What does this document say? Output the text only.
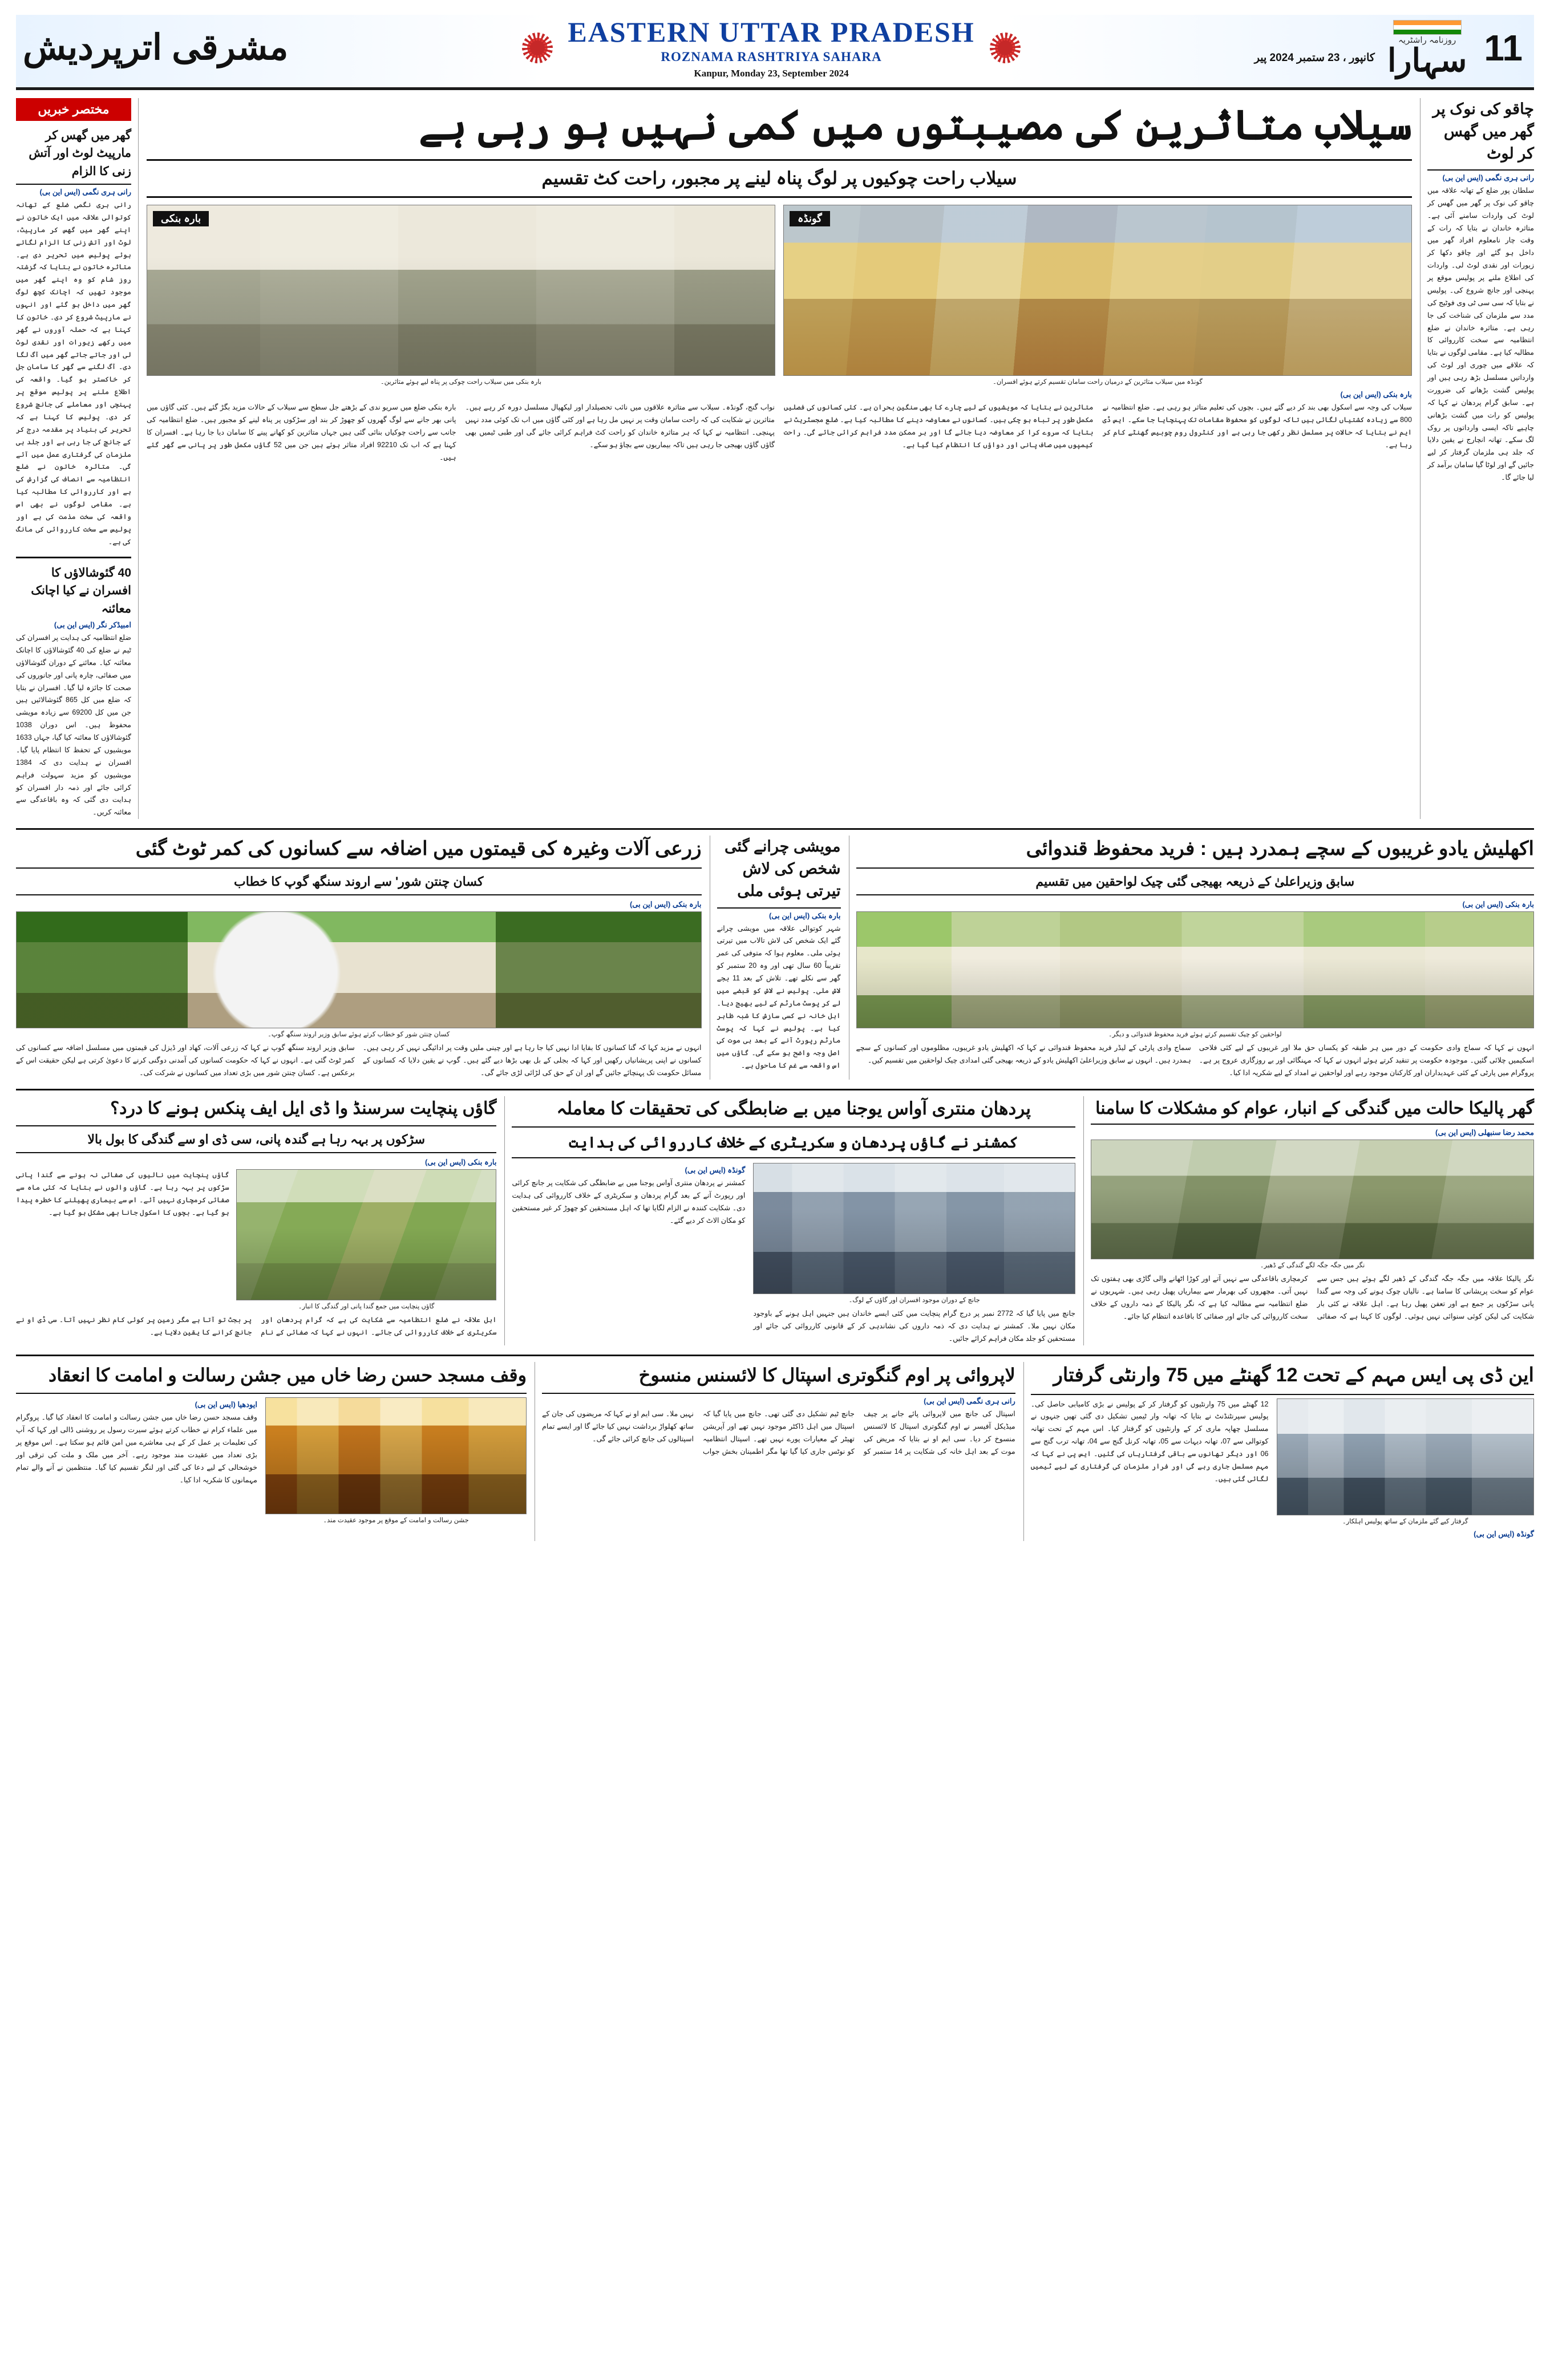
11
روزنامہ راشٹریہ
سہارا
کانپور ، 23 ستمبر 2024 پیر
EASTERN UTTAR PRADESH
ROZNAMA RASHTRIYA SAHARA
Kanpur, Monday 23, September 2024
مشرقی اترپردیش
چاقو کی نوک پر گھر میں گھس کر لوٹ
رانی ہری نگمی (ایس این بی)
سلطان پور ضلع کے تھانہ علاقہ میں چاقو کی نوک پر گھر میں گھس کر لوٹ کی واردات سامنے آئی ہے۔ متاثرہ خاندان نے بتایا کہ رات کے وقت چار نامعلوم افراد گھر میں داخل ہو گئے اور چاقو دکھا کر زیورات اور نقدی لوٹ لی۔ واردات کی اطلاع ملنے پر پولیس موقع پر پہنچی اور جانچ شروع کی۔ پولیس نے بتایا کہ سی سی ٹی وی فوٹیج کی مدد سے ملزمان کی شناخت کی جا رہی ہے۔ متاثرہ خاندان نے ضلع انتظامیہ سے سخت کارروائی کا مطالبہ کیا ہے۔ مقامی لوگوں نے بتایا کہ علاقے میں چوری اور لوٹ کی وارداتیں مسلسل بڑھ رہی ہیں اور پولیس گشت بڑھانے کی ضرورت ہے۔ سابق گرام پردھان نے کہا کہ پولیس کو رات میں گشت بڑھانی چاہیے تاکہ ایسی وارداتوں پر روک لگ سکے۔ تھانہ انچارج نے یقین دلایا کہ جلد ہی ملزمان گرفتار کر لیے جائیں گے اور لوٹا گیا سامان برآمد کر لیا جائے گا۔
سیلاب متاثرین کی مصیبتوں میں کمی نہیں ہو رہی ہے
سیلاب راحت چوکیوں پر لوگ پناہ لینے پر مجبور، راحت کٹ تقسیم
گونڈہ
گونڈہ میں سیلاب متاثرین کے درمیان راحت سامان تقسیم کرتے ہوئے افسران۔
بارہ بنکی
بارہ بنکی میں سیلاب راحت چوکی پر پناہ لیے ہوئے متاثرین۔
بارہ بنکی (ایس این بی)
سیلاب کی وجہ سے اسکول بھی بند کر دیے گئے ہیں۔ بچوں کی تعلیم متاثر ہو رہی ہے۔ ضلع انتظامیہ نے 800 سے زیادہ کشتیاں لگائی ہیں تاکہ لوگوں کو محفوظ مقامات تک پہنچایا جا سکے۔ ایس ڈی ایم نے بتایا کہ حالات پر مسلسل نظر رکھی جا رہی ہے اور کنٹرول روم چوبیس گھنٹے کام کر رہا ہے۔
متاثرین نے بتایا کہ مویشیوں کے لیے چارے کا بھی سنگین بحران ہے۔ کئی کسانوں کی فصلیں مکمل طور پر تباہ ہو چکی ہیں۔ کسانوں نے معاوضہ دینے کا مطالبہ کیا ہے۔ ضلع مجسٹریٹ نے بتایا کہ سروے کرا کر معاوضہ دیا جائے گا اور ہر ممکن مدد فراہم کرائی جائے گی۔ راحت کیمپوں میں صاف پانی اور دواؤں کا انتظام کیا گیا ہے۔
نواب گنج، گونڈہ۔ سیلاب سے متاثرہ علاقوں میں نائب تحصیلدار اور لیکھپال مسلسل دورہ کر رہے ہیں۔ متاثرین نے شکایت کی کہ راحت سامان وقت پر نہیں مل رہا ہے اور کئی گاؤں میں اب تک کوئی مدد نہیں پہنچی۔ انتظامیہ نے کہا کہ ہر متاثرہ خاندان کو راحت کٹ فراہم کرائی جائے گی اور طبی ٹیمیں بھی گاؤں گاؤں بھیجی جا رہی ہیں تاکہ بیماریوں سے بچاؤ ہو سکے۔
بارہ بنکی ضلع میں سریو ندی کے بڑھتے جل سطح سے سیلاب کے حالات مزید بگڑ گئے ہیں۔ کئی گاؤں میں پانی بھر جانے سے لوگ گھروں کو چھوڑ کر بند اور سڑکوں پر پناہ لینے کو مجبور ہیں۔ ضلع انتظامیہ کی جانب سے راحت چوکیاں بنائی گئی ہیں جہاں متاثرین کو کھانے پینے کا سامان دیا جا رہا ہے۔ افسران کا کہنا ہے کہ اب تک 92210 افراد متاثر ہوئے ہیں جن میں 52 گاؤں مکمل طور پر پانی سے گھر گئے ہیں۔
مختصر خبریں
گھر میں گھس کر مارپیٹ لوٹ اور آتش زنی کا الزام
رانی ہری نگمی (ایس این بی)
رانی ہری نگمی ضلع کے تھانہ کوتوالی علاقہ میں ایک خاتون نے اپنے گھر میں گھس کر مارپیٹ، لوٹ اور آتش زنی کا الزام لگاتے ہوئے پولیس میں تحریر دی ہے۔ متاثرہ خاتون نے بتایا کہ گزشتہ روز شام کو وہ اپنے گھر میں موجود تھیں کہ اچانک کچھ لوگ گھر میں داخل ہو گئے اور انہوں نے مارپیٹ شروع کر دی۔ خاتون کا کہنا ہے کہ حملہ آوروں نے گھر میں رکھے زیورات اور نقدی لوٹ لی اور جاتے جاتے گھر میں آگ لگا دی۔ آگ لگنے سے گھر کا سامان جل کر خاکستر ہو گیا۔ واقعہ کی اطلاع ملنے پر پولیس موقع پر پہنچی اور معاملے کی جانچ شروع کر دی۔ پولیس کا کہنا ہے کہ تحریر کی بنیاد پر مقدمہ درج کر کے جانچ کی جا رہی ہے اور جلد ہی ملزمان کی گرفتاری عمل میں آئے گی۔ متاثرہ خاتون نے ضلع انتظامیہ سے انصاف کی گزارش کی ہے اور کارروائی کا مطالبہ کیا ہے۔ مقامی لوگوں نے بھی اس واقعہ کی سخت مذمت کی ہے اور پولیس سے سخت کارروائی کی مانگ کی ہے۔
40 گئوشالاؤں کا افسران نے کیا اچانک معائنہ
امبیڈکر نگر (ایس این بی)
ضلع انتظامیہ کی ہدایت پر افسران کی ٹیم نے ضلع کی 40 گئوشالاؤں کا اچانک معائنہ کیا۔ معائنے کے دوران گئوشالاؤں میں صفائی، چارہ پانی اور جانوروں کی صحت کا جائزہ لیا گیا۔ افسران نے بتایا کہ ضلع میں کل 865 گئوشالائیں ہیں جن میں کل 69200 سے زیادہ مویشی محفوظ ہیں۔ اس دوران 1038 گئوشالاؤں کا معائنہ کیا گیا، جہاں 1633 مویشیوں کے تحفظ کا انتظام پایا گیا۔ افسران نے ہدایت دی کہ 1384 مویشیوں کو مزید سہولت فراہم کرائی جائے اور ذمہ دار افسران کو ہدایت دی گئی کہ وہ باقاعدگی سے معائنہ کریں۔
اکھلیش یادو غریبوں کے سچے ہمدرد ہیں : فرید محفوظ قندوائی
سابق وزیراعلیٰ کے ذریعہ بھیجی گئی چیک لواحقین میں تقسیم
بارہ بنکی (ایس این بی)
لواحقین کو چیک تقسیم کرتے ہوئے فرید محفوظ قندوائی و دیگر۔
انہوں نے کہا کہ سماج وادی حکومت کے دور میں ہر طبقہ کو یکساں حق ملا اور غریبوں کے لیے کئی فلاحی اسکیمیں چلائی گئیں۔ موجودہ حکومت پر تنقید کرتے ہوئے انہوں نے کہا کہ مہنگائی اور بے روزگاری عروج پر ہے۔ پروگرام میں پارٹی کے کئی عہدیداران اور کارکنان موجود رہے اور لواحقین نے امداد کے لیے شکریہ ادا کیا۔
سماج وادی پارٹی کے لیڈر فرید محفوظ قندوائی نے کہا کہ اکھلیش یادو غریبوں، مظلوموں اور کسانوں کے سچے ہمدرد ہیں۔ انہوں نے سابق وزیراعلیٰ اکھلیش یادو کے ذریعہ بھیجی گئی امدادی چیک لواحقین میں تقسیم کیں۔
مویشی چرانے گئی شخص کی لاش تیرتی ہوئی ملی
بارہ بنکی (ایس این بی)
شہر کوتوالی علاقہ میں مویشی چرانے گئے ایک شخص کی لاش تالاب میں تیرتی ہوئی ملی۔ معلوم ہوا کہ متوفی کی عمر تقریباً 60 سال تھی اور وہ 20 ستمبر کو گھر سے نکلے تھے۔ تلاش کے بعد 11 بجے لاش ملی۔ پولیس نے لاش کو قبضے میں لے کر پوسٹ مارٹم کے لیے بھیج دیا۔ اہل خانہ نے کسی سازش کا شبہ ظاہر کیا ہے۔ پولیس نے کہا کہ پوسٹ مارٹم رپورٹ آنے کے بعد ہی موت کی اصل وجہ واضح ہو سکے گی۔ گاؤں میں اس واقعہ سے غم کا ماحول ہے۔
زرعی آلات وغیرہ کی قیمتوں میں اضافہ سے کسانوں کی کمر ٹوٹ گئی
کسان چنتن شور' سے اروند سنگھ گوپ کا خطاب
بارہ بنکی (ایس این بی)
کسان چنتن شور کو خطاب کرتے ہوئے سابق وزیر اروند سنگھ گوپ۔
انہوں نے مزید کہا کہ گنا کسانوں کا بقایا ادا نہیں کیا جا رہا ہے اور چینی ملیں وقت پر ادائیگی نہیں کر رہی ہیں۔ کسانوں نے اپنی پریشانیاں رکھیں اور کہا کہ بجلی کے بل بھی بڑھا دیے گئے ہیں۔ گوپ نے یقین دلایا کہ کسانوں کے مسائل حکومت تک پہنچائے جائیں گے اور ان کے حق کی لڑائی لڑی جائے گی۔
سابق وزیر اروند سنگھ گوپ نے کہا کہ زرعی آلات، کھاد اور ڈیزل کی قیمتوں میں مسلسل اضافہ سے کسانوں کی کمر ٹوٹ گئی ہے۔ انہوں نے کہا کہ حکومت کسانوں کی آمدنی دوگنی کرنے کا دعویٰ کرتی ہے لیکن حقیقت اس کے برعکس ہے۔ کسان چنتن شور میں بڑی تعداد میں کسانوں نے شرکت کی۔
گھر پالیکا حالت میں گندگی کے انبار، عوام کو مشکلات کا سامنا
محمد رضا سنبھلی (ایس این بی)
نگر میں جگہ جگہ لگے گندگی کے ڈھیر۔
نگر پالیکا علاقہ میں جگہ جگہ گندگی کے ڈھیر لگے ہوئے ہیں جس سے عوام کو سخت پریشانی کا سامنا ہے۔ نالیاں چوک ہونے کی وجہ سے گندا پانی سڑکوں پر جمع ہے اور تعفن پھیل رہا ہے۔ اہل علاقہ نے کئی بار شکایت کی لیکن کوئی سنوائی نہیں ہوئی۔ لوگوں کا کہنا ہے کہ صفائی کرمچاری باقاعدگی سے نہیں آتے اور کوڑا اٹھانے والی گاڑی بھی ہفتوں تک نہیں آتی۔ مچھروں کی بھرمار سے بیماریاں پھیل رہی ہیں۔ شہریوں نے ضلع انتظامیہ سے مطالبہ کیا ہے کہ نگر پالیکا کے ذمہ داروں کے خلاف سخت کارروائی کی جائے اور صفائی کا باقاعدہ انتظام کیا جائے۔
پردھان منتری آواس یوجنا میں بے ضابطگی کی تحقیقات کا معاملہ
کمشنر نے گاؤں پردھان و سکریٹری کے خلاف کارروائی کی ہدایت
جانچ کے دوران موجود افسران اور گاؤں کے لوگ۔
جانچ میں پایا گیا کہ 2772 نمبر پر درج گرام پنچایت میں کئی ایسے خاندان ہیں جنہیں اہل ہونے کے باوجود مکان نہیں ملا۔ کمشنر نے ہدایت دی کہ ذمہ داروں کی نشاندہی کر کے قانونی کارروائی کی جائے اور مستحقین کو جلد مکان فراہم کرائے جائیں۔
گونڈہ (ایس این بی)
کمشنر نے پردھان منتری آواس یوجنا میں بے ضابطگی کی شکایت پر جانچ کرائی اور رپورٹ آنے کے بعد گرام پردھان و سکریٹری کے خلاف کارروائی کی ہدایت دی۔ شکایت کنندہ نے الزام لگایا تھا کہ اہل مستحقین کو چھوڑ کر غیر مستحقین کو مکان الاٹ کر دیے گئے۔
گاؤں پنچایت سرسنڈ وا ڈی ایل ایف پنکس ہونے کا درد؟
سڑکوں پر بہہ رہا ہے گندہ پانی، سی ڈی او سے گندگی کا بول بالا
بارہ بنکی (ایس این بی)
گاؤں پنچایت میں جمع گندا پانی اور گندگی کا انبار۔
گاؤں پنچایت میں نالیوں کی صفائی نہ ہونے سے گندا پانی سڑکوں پر بہہ رہا ہے۔ گاؤں والوں نے بتایا کہ کئی ماہ سے صفائی کرمچاری نہیں آئے۔ اس سے بیماری پھیلنے کا خطرہ پیدا ہو گیا ہے۔ بچوں کا اسکول جانا بھی مشکل ہو گیا ہے۔
اہل علاقہ نے ضلع انتظامیہ سے شکایت کی ہے کہ گرام پردھان اور سکریٹری کے خلاف کارروائی کی جائے۔ انہوں نے کہا کہ صفائی کے نام پر بجٹ تو آتا ہے مگر زمین پر کوئی کام نظر نہیں آتا۔ سی ڈی او نے جانچ کرانے کا یقین دلایا ہے۔
این ڈی پی ایس مہم کے تحت 12 گھنٹے میں 75 وارنٹی گرفتار
گرفتار کیے گئے ملزمان کے ساتھ پولیس اہلکار۔
گونڈہ (ایس این بی)
12 گھنٹے میں 75 وارنٹیوں کو گرفتار کر کے پولیس نے بڑی کامیابی حاصل کی۔ پولیس سپرنٹنڈنٹ نے بتایا کہ تھانہ وار ٹیمیں تشکیل دی گئی تھیں جنہوں نے مسلسل چھاپہ ماری کر کے وارنٹیوں کو گرفتار کیا۔ اس مہم کے تحت تھانہ کوتوالی سے 07، تھانہ دیہات سے 05، تھانہ کرنل گنج سے 04، تھانہ ترب گنج سے 06 اور دیگر تھانوں سے باقی گرفتاریاں کی گئیں۔ ایس پی نے کہا کہ مہم مسلسل جاری رہے گی اور فرار ملزمان کی گرفتاری کے لیے ٹیمیں لگائی گئی ہیں۔
لاپروائی پر اوم گنگوتری اسپتال کا لائسنس منسوخ
رانی ہری نگمی (ایس این بی)
اسپتال کی جانچ میں لاپروائی پائے جانے پر چیف میڈیکل آفیسر نے اوم گنگوتری اسپتال کا لائسنس منسوخ کر دیا۔ سی ایم او نے بتایا کہ مریض کی موت کے بعد اہل خانہ کی شکایت پر 14 ستمبر کو جانچ ٹیم تشکیل دی گئی تھی۔ جانچ میں پایا گیا کہ اسپتال میں اہل ڈاکٹر موجود نہیں تھے اور آپریشن تھیٹر کے معیارات پورے نہیں تھے۔ اسپتال انتظامیہ کو نوٹس جاری کیا گیا تھا مگر اطمینان بخش جواب نہیں ملا۔ سی ایم او نے کہا کہ مریضوں کی جان کے ساتھ کھلواڑ برداشت نہیں کیا جائے گا اور ایسے تمام اسپتالوں کی جانچ کرائی جائے گی۔
وقف مسجد حسن رضا خاں میں جشن رسالت و امامت کا انعقاد
جشن رسالت و امامت کے موقع پر موجود عقیدت مند۔
ایودھیا (ایس این بی)
وقف مسجد حسن رضا خاں میں جشن رسالت و امامت کا انعقاد کیا گیا۔ پروگرام میں علماء کرام نے خطاب کرتے ہوئے سیرت رسول پر روشنی ڈالی اور کہا کہ آپ کی تعلیمات پر عمل کر کے ہی معاشرے میں امن قائم ہو سکتا ہے۔ اس موقع پر بڑی تعداد میں عقیدت مند موجود رہے۔ آخر میں ملک و ملت کی ترقی اور خوشحالی کے لیے دعا کی گئی اور لنگر تقسیم کیا گیا۔ منتظمین نے آنے والے تمام مہمانوں کا شکریہ ادا کیا۔
